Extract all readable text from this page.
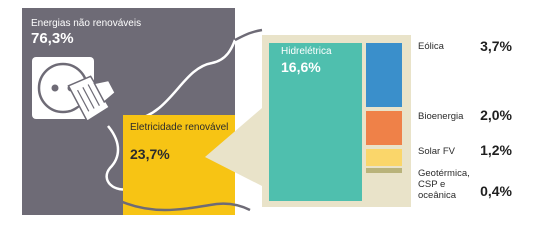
Energias não renováveis
76,3%
Eletricidade renovável
23,7%
Hidrelétrica
16,6%
Eólica	3,7%
Bioenergia	2,0%
Solar FV	1,2%
Geotérmica, CSP e oceânica	0,4%
